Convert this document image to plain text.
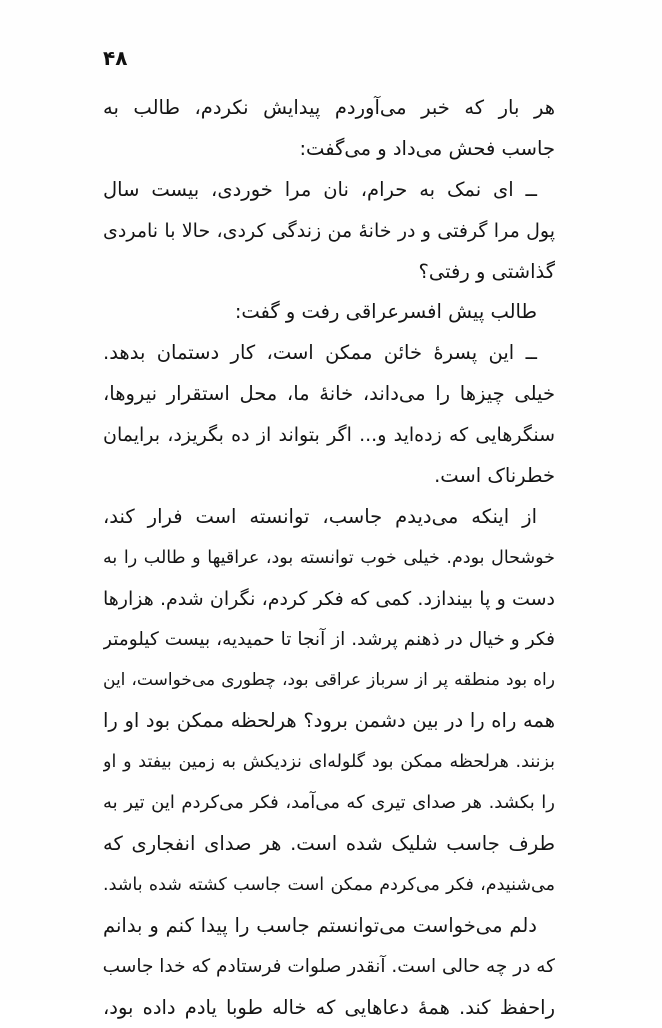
۴۸
هر بار که خبر می‌آوردم پیدایش نکردم، طالب به
جاسب فحش می‌داد و می‌گفت:
ــ ای نمک به حرام، نان مرا خوردی، بیست سال
پول مرا گرفتی و در خانهٔ من زندگی کردی، حالا با نامردی
گذاشتی و رفتی؟
طالب پیش افسرعراقی رفت و گفت:
ــ این پسرهٔ خائن ممکن است، کار دستمان بدهد.
خیلی چیزها را می‌داند، خانهٔ ما، محل استقرار نیروها،
سنگرهایی که زده‌اید و... اگر بتواند از ده بگریزد، برایمان
خطرناک است.
از اینکه می‌دیدم جاسب، توانسته است فرار کند،
خوشحال بودم. خیلی خوب توانسته بود، عراقیها و طالب را به
دست و پا بیندازد. کمی که فکر کردم، نگران شدم. هزارها
فکر و خیال در ذهنم پرشد. از آنجا تا حمیدیه، بیست کیلومتر
راه بود منطقه پر از سرباز عراقی بود، چطوری می‌خواست، این
همه راه را در بین دشمن برود؟ هرلحظه ممکن بود او را
بزنند. هرلحظه ممکن بود گلوله‌ای نزدیکش به زمین بیفتد و او
را بکشد. هر صدای تیری که می‌آمد، فکر می‌کردم این تیر به
طرف جاسب شلیک شده است. هر صدای انفجاری که
می‌شنیدم، فکر می‌کردم ممکن است جاسب کشته شده باشد.
دلم می‌خواست می‌توانستم جاسب را پیدا کنم و بدانم
که در چه حالی است. آنقدر صلوات فرستادم که خدا جاسب
راحفظ کند. همهٔ دعاهایی که خاله طوبا یادم داده بود،
